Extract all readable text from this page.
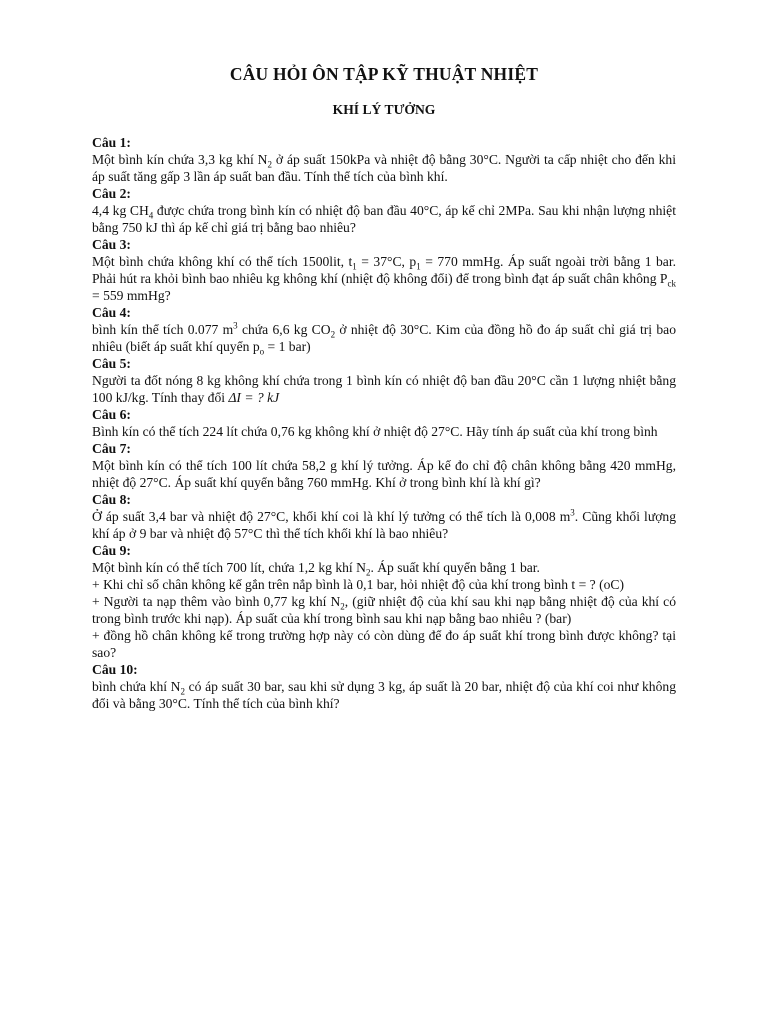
CÂU HỎI ÔN TẬP KỸ THUẬT NHIỆT
KHÍ LÝ TƯỞNG

Câu 1:

Một bình kín chứa 3,3 kg khí $N_2$ ở áp suất 150kPa và nhiệt độ bằng 30°C. Người ta cấp nhiệt cho đến khi áp suất tăng gấp 3 lần áp suất ban đầu. Tính thể tích của bình khí.

Câu 2:

4,4 kg $CH_4$ được chứa trong bình kín có nhiệt độ ban đầu 40°C, áp kế chỉ 2MPa. Sau khi nhận lượng nhiệt bằng 750 kJ thì áp kế chỉ giá trị bằng bao nhiêu?

Câu 3:

Một bình chứa không khí có thể tích 1500lit, $t_1 = 37^\circ C$, $p_1 = 770$ mmHg. Áp suất ngoài trời bằng 1 bar. Phải hút ra khỏi bình bao nhiêu kg không khí (nhiệt độ không đổi) để trong bình đạt áp suất chân không $P_{ck} = 559$ mmHg?

Câu 4:

bình kín thể tích 0.077 $m^3$ chứa 6,6 kg $CO_2$ ở nhiệt độ 30°C. Kim của đồng hồ đo áp suất chỉ giá trị bao nhiêu (biết áp suất khí quyển $p_o = 1$ bar)

Câu 5:

Người ta đốt nóng 8 kg không khí chứa trong 1 bình kín có nhiệt độ ban đầu 20°C cần 1 lượng nhiệt bằng 100 kJ/kg. Tính thay đổi ΔI = ? kJ

Câu 6:

Bình kín có thể tích 224 lít chứa 0,76 kg không khí ở nhiệt độ 27°C. Hãy tính áp suất của khí trong bình

Câu 7:

Một bình kín có thể tích 100 lít chứa 58,2 g khí lý tưởng. Áp kế đo chỉ độ chân không bằng 420 mmHg, nhiệt độ 27°C. Áp suất khí quyển bằng 760 mmHg. Khí ở trong bình khí là khí gì?

Câu 8:

Ở áp suất 3,4 bar và nhiệt độ 27°C, khối khí coi là khí lý tưởng có thể tích là 0,008 $m^3$. Cũng khối lượng khí áp ở 9 bar và nhiệt độ 57°C thì thể tích khối khí là bao nhiêu?

Câu 9:

Một bình kín có thể tích 700 lít, chứa 1,2 kg khí $N_2$. Áp suất khí quyển bằng 1 bar.

+ Khi chỉ số chân không kế gắn trên nắp bình là 0,1 bar, hỏi nhiệt độ của khí trong bình t = ? (oC)

+ Người ta nạp thêm vào bình 0,77 kg khí $N_2$, (giữ nhiệt độ của khí sau khi nạp bằng nhiệt độ của khí có trong bình trước khi nạp). Áp suất của khí trong bình sau khi nạp bằng bao nhiêu ? (bar)

+ đồng hồ chân không kế trong trường hợp này có còn dùng để đo áp suất khí trong bình được không? tại sao?

Câu 10:

bình chứa khí $N_2$ có áp suất 30 bar, sau khi sử dụng 3 kg, áp suất là 20 bar, nhiệt độ của khí coi như không đổi và bằng 30°C. Tính thể tích của bình khí?
